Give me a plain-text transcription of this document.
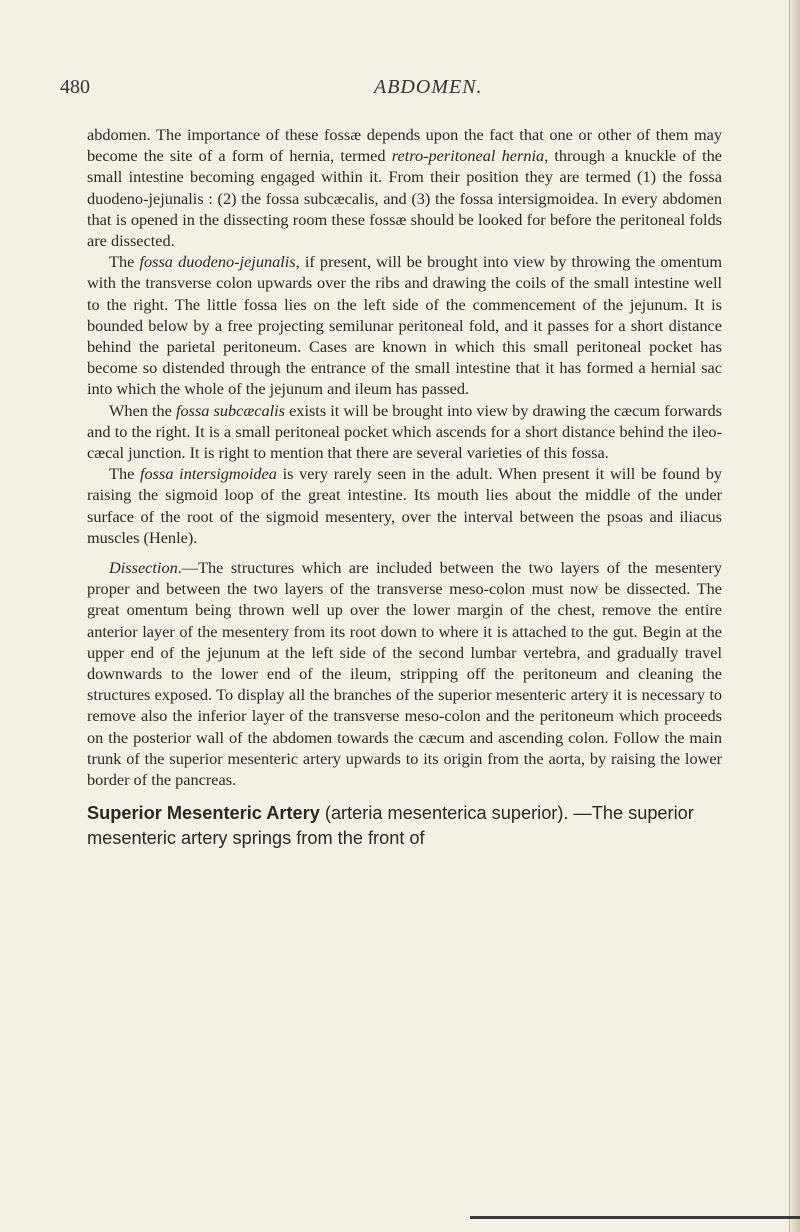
480	ABDOMEN.

abdomen. The importance of these fossæ depends upon the fact that one or other of them may become the site of a form of hernia, termed retro-peritoneal hernia, through a knuckle of the small intestine becoming engaged within it. From their position they are termed (1) the fossa duodeno-jejunalis : (2) the fossa subcæcalis, and (3) the fossa intersigmoidea. In every abdomen that is opened in the dissecting room these fossæ should be looked for before the peritoneal folds are dissected.

The fossa duodeno-jejunalis, if present, will be brought into view by throwing the omentum with the transverse colon upwards over the ribs and drawing the coils of the small intestine well to the right. The little fossa lies on the left side of the commencement of the jejunum. It is bounded below by a free projecting semilunar peritoneal fold, and it passes for a short distance behind the parietal peritoneum. Cases are known in which this small peritoneal pocket has become so distended through the entrance of the small intestine that it has formed a hernial sac into which the whole of the jejunum and ileum has passed.

When the fossa subcæcalis exists it will be brought into view by drawing the cæcum forwards and to the right. It is a small peritoneal pocket which ascends for a short distance behind the ileo-cæcal junction. It is right to mention that there are several varieties of this fossa.

The fossa intersigmoidea is very rarely seen in the adult. When present it will be found by raising the sigmoid loop of the great intestine. Its mouth lies about the middle of the under surface of the root of the sigmoid mesentery, over the interval between the psoas and iliacus muscles (Henle).

Dissection.—The structures which are included between the two layers of the mesentery proper and between the two layers of the transverse meso-colon must now be dissected. The great omentum being thrown well up over the lower margin of the chest, remove the entire anterior layer of the mesentery from its root down to where it is attached to the gut. Begin at the upper end of the jejunum at the left side of the second lumbar vertebra, and gradually travel downwards to the lower end of the ileum, stripping off the peritoneum and cleaning the structures exposed. To display all the branches of the superior mesenteric artery it is necessary to remove also the inferior layer of the transverse meso-colon and the peritoneum which proceeds on the posterior wall of the abdomen towards the cæcum and ascending colon. Follow the main trunk of the superior mesenteric artery upwards to its origin from the aorta, by raising the lower border of the pancreas.

Superior Mesenteric Artery (arteria mesenterica superior). —The superior mesenteric artery springs from the front of
